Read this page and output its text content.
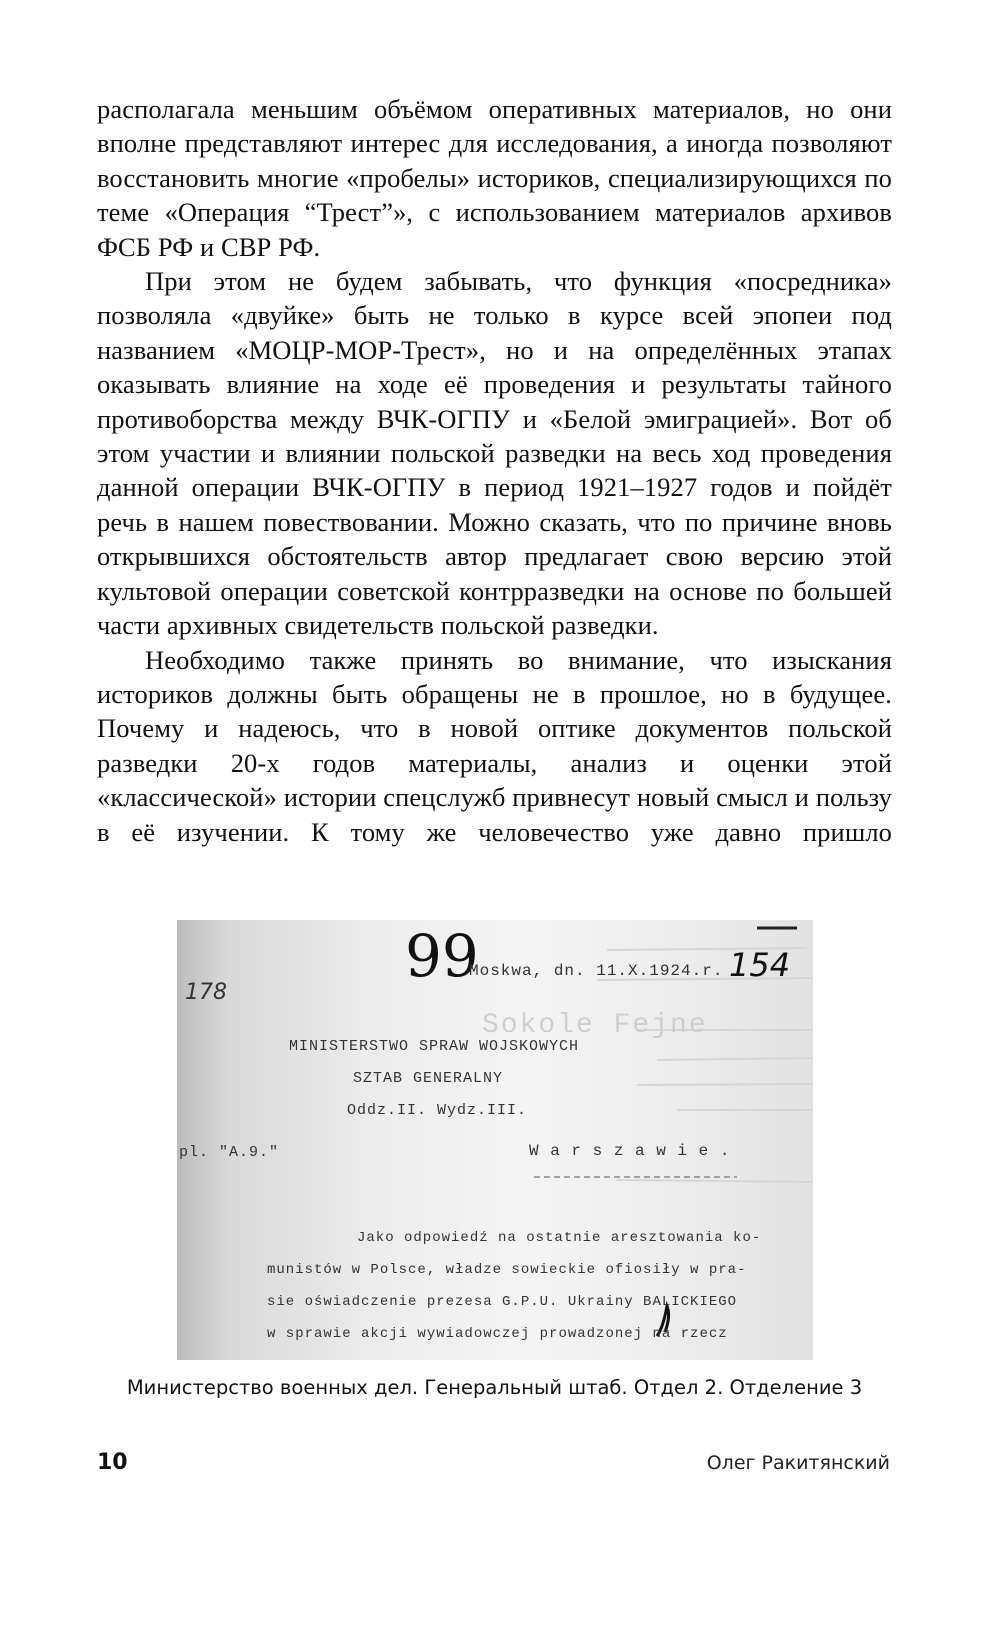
располагала меньшим объёмом оперативных материалов, но они вполне представляют интерес для исследования, а иногда позволяют восстановить многие «пробелы» историков, специализирующихся по теме «Операция “Трест”», с использованием материалов архивов ФСБ РФ и СВР РФ.

При этом не будем забывать, что функция «посредника» позволяла «двуйке» быть не только в курсе всей эпопеи под названием «МОЦР-МОР-Трест», но и на определённых этапах оказывать влияние на ходе её проведения и результаты тайного противоборства между ВЧК-ОГПУ и «Белой эмиграцией». Вот об этом участии и влиянии польской разведки на весь ход проведения данной операции ВЧК-ОГПУ в период 1921–1927 годов и пойдёт речь в нашем повествовании. Можно сказать, что по причине вновь открывшихся обстоятельств автор предлагает свою версию этой культовой операции советской контрразведки на основе по большей части архивных свидетельств польской разведки.

Необходимо также принять во внимание, что изыскания историков должны быть обращены не в прошлое, но в будущее. Почему и надеюсь, что в новой оптике документов польской разведки 20-х годов материалы, анализ и оценки этой «классической» истории спецслужб привнесут новый смысл и пользу в её изучении. К тому же человечество уже давно пришло

99	154

178

Moskwa, dn. 11.X.1924.r.

Sokole Fejne

MINISTERSTWO SPRAW WOJSKOWYCH

SZTAB GENERALNY

Oddz.II. Wydz.III.

pl. "A.9."	W a r s z a w i e .

Jako odpowiedź na ostatnie aresztowania ko-

munistów w Polsce, władze sowieckie ofiosiły w pra-

sie oświadczenie prezesa G.P.U. Ukrainy BALICKIEGO

w sprawie akcji wywiadowczej prowadzonej na rzecz

Министерство военных дел. Генеральный штаб. Отдел 2. Отделение 3

10	Олег Ракитянский
